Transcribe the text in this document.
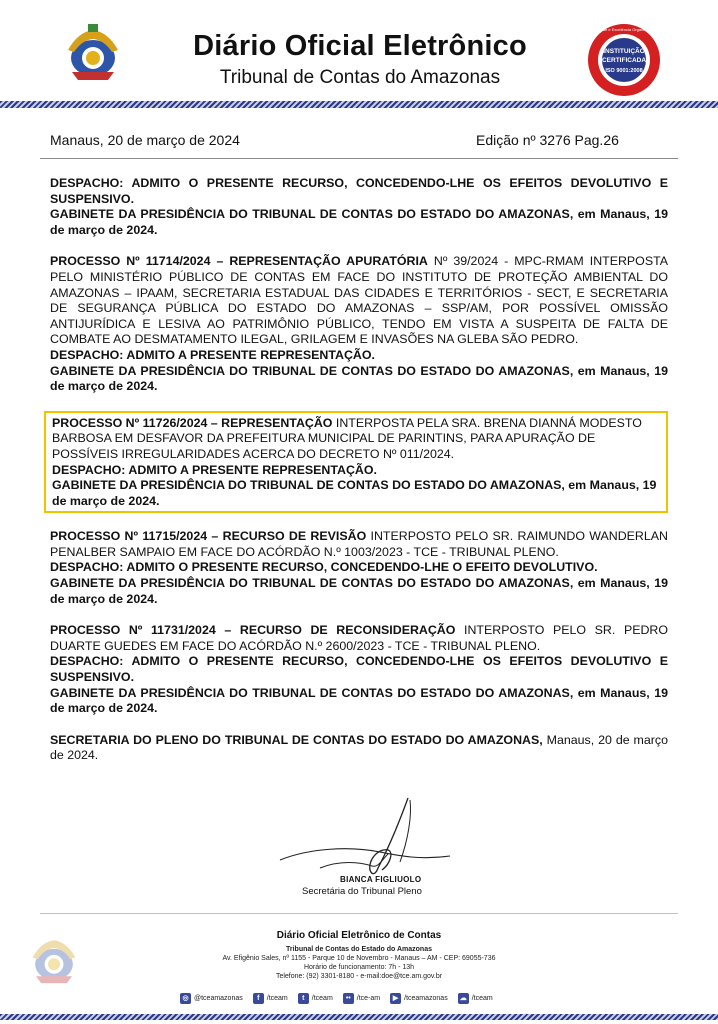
Diário Oficial Eletrônico
Tribunal de Contas do Amazonas
INSTITUIÇÃO
CERTIFICADA
ISO 9001:2008
Qualidade e Excelência Organizacional
Manaus, 20 de março de 2024	Edição nº 3276 Pag.26

DESPACHO: ADMITO O PRESENTE RECURSO, CONCEDENDO-LHE OS EFEITOS DEVOLUTIVO E SUSPENSIVO.

GABINETE DA PRESIDÊNCIA DO TRIBUNAL DE CONTAS DO ESTADO DO AMAZONAS, em Manaus, 19 de março de 2024.

PROCESSO Nº 11714/2024 – REPRESENTAÇÃO APURATÓRIA Nº 39/2024 - MPC-RMAM INTERPOSTA PELO MINISTÉRIO PÚBLICO DE CONTAS EM FACE DO INSTITUTO DE PROTEÇÃO AMBIENTAL DO AMAZONAS – IPAAM, SECRETARIA ESTADUAL DAS CIDADES E TERRITÓRIOS - SECT, E SECRETARIA DE SEGURANÇA PÚBLICA DO ESTADO DO AMAZONAS – SSP/AM, POR POSSÍVEL OMISSÃO ANTIJURÍDICA E LESIVA AO PATRIMÔNIO PÚBLICO, TENDO EM VISTA A SUSPEITA DE FALTA DE COMBATE AO DESMATAMENTO ILEGAL, GRILAGEM E INVASÕES NA GLEBA SÃO PEDRO.

DESPACHO: ADMITO A PRESENTE REPRESENTAÇÃO.

GABINETE DA PRESIDÊNCIA DO TRIBUNAL DE CONTAS DO ESTADO DO AMAZONAS, em Manaus, 19 de março de 2024.

PROCESSO Nº 11726/2024 – REPRESENTAÇÃO INTERPOSTA PELA SRA. BRENA DIANNÁ MODESTO BARBOSA EM DESFAVOR DA PREFEITURA MUNICIPAL DE PARINTINS, PARA APURAÇÃO DE POSSÍVEIS IRREGULARIDADES ACERCA DO DECRETO Nº 011/2024.

DESPACHO: ADMITO A PRESENTE REPRESENTAÇÃO.

GABINETE DA PRESIDÊNCIA DO TRIBUNAL DE CONTAS DO ESTADO DO AMAZONAS, em Manaus, 19 de março de 2024.

PROCESSO Nº 11715/2024 – RECURSO DE REVISÃO INTERPOSTO PELO SR. RAIMUNDO WANDERLAN PENALBER SAMPAIO EM FACE DO ACÓRDÃO N.º 1003/2023 - TCE - TRIBUNAL PLENO.

DESPACHO: ADMITO O PRESENTE RECURSO, CONCEDENDO-LHE O EFEITO DEVOLUTIVO.

GABINETE DA PRESIDÊNCIA DO TRIBUNAL DE CONTAS DO ESTADO DO AMAZONAS, em Manaus, 19 de março de 2024.

PROCESSO Nº 11731/2024 – RECURSO DE RECONSIDERAÇÃO INTERPOSTO PELO SR. PEDRO DUARTE GUEDES EM FACE DO ACÓRDÃO N.º 2600/2023 - TCE - TRIBUNAL PLENO.

DESPACHO: ADMITO O PRESENTE RECURSO, CONCEDENDO-LHE OS EFEITOS DEVOLUTIVO E SUSPENSIVO.

GABINETE DA PRESIDÊNCIA DO TRIBUNAL DE CONTAS DO ESTADO DO AMAZONAS, em Manaus, 19 de março de 2024.

SECRETARIA DO PLENO DO TRIBUNAL DE CONTAS DO ESTADO DO AMAZONAS, Manaus, 20 de março de 2024.

BIANCA FIGLIUOLO
Secretária do Tribunal Pleno
Diário Oficial Eletrônico de Contas
Tribunal de Contas do Estado do Amazonas
Av. Efigênio Sales, nº 1155 - Parque 10 de Novembro - Manaus – AM - CEP: 69055-736
Horário de funcionamento: 7h - 13h
Telefone: (92) 3301-8180 - e-mail:doe@tce.am.gov.br
◎ @tceamazonas	f	/tceam	t	/tceam	•• /tce-am	▶ /tceamazonas ☁ /tceam
